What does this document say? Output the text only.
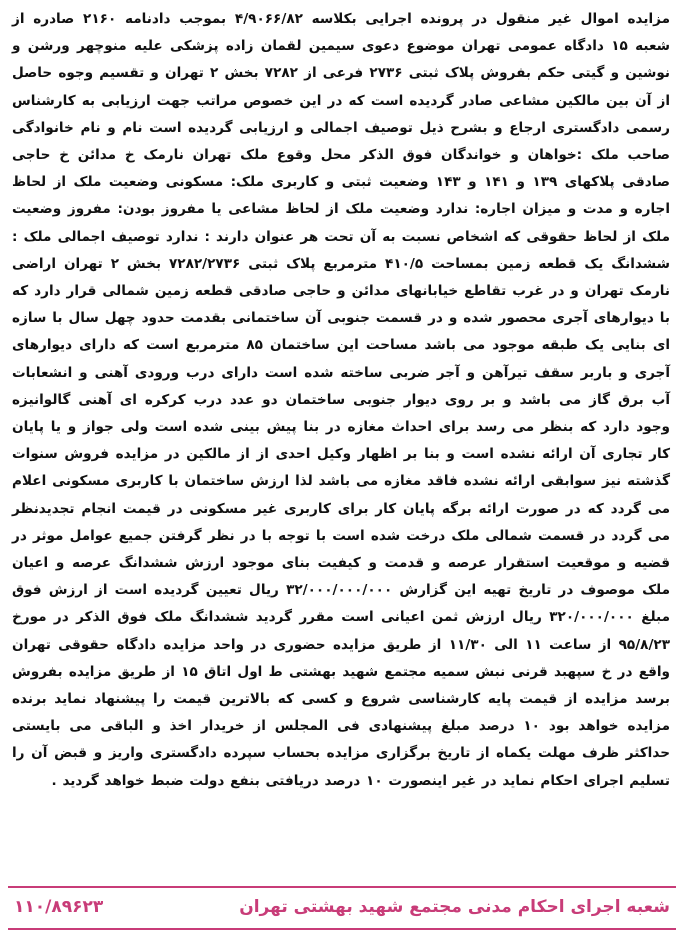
مزایده اموال غیر منقول در پرونده اجرایی بکلاسه ۴/۹۰۶۶/۸۲ بموجب دادنامه ۲۱۶۰ صادره از شعبه ۱۵ دادگاه عمومی تهران موضوع دعوی سیمین لقمان زاده پزشکی علیه منوچهر ورشن و نوشین و گیتی حکم بفروش پلاک ثبتی ۲۷۳۶ فرعی از ۷۲۸۲ بخش ۲ تهران و تقسیم وجوه حاصل از آن بین مالکین مشاعی صادر گردیده است که در این خصوص مراتب جهت ارزیابی به کارشناس رسمی دادگستری ارجاع و بشرح ذیل توصیف اجمالی و ارزیابی گردیده است نام و نام خانوادگی صاحب ملک :خواهان و خواندگان فوق الذکر محل وقوع ملک تهران نارمک خ مدائن خ حاجی صادقی پلاکهای ۱۳۹ و ۱۴۱ و ۱۴۳ وضعیت ثبتی و کاربری ملک: مسکونی وضعیت ملک از لحاظ اجاره و مدت و میزان اجاره: ندارد وضعیت ملک از لحاظ مشاعی یا مفروز بودن: مفروز وضعیت ملک از لحاظ حقوقی که اشخاص نسبت به آن تحت هر عنوان دارند : ندارد توصیف اجمالی ملک : ششدانگ یک قطعه زمین بمساحت ۴۱۰/۵ مترمربع پلاک ثبتی ۷۲۸۲/۲۷۳۶ بخش ۲ تهران اراضی نارمک تهران و در غرب تقاطع خیابانهای مدائن و حاجی صادقی قطعه زمین شمالی قرار دارد که با دیوارهای آجری محصور شده و در قسمت جنوبی آن ساختمانی بقدمت حدود چهل سال با سازه ای بنایی یک طبقه موجود می باشد مساحت این ساختمان ۸۵ مترمربع است که دارای دیوارهای آجری و باربر سقف تیرآهن و آجر ضربی ساخته شده است دارای درب ورودی آهنی و انشعابات آب برق گاز می باشد و بر روی دیوار جنوبی ساختمان دو عدد درب کرکره ای آهنی گالوانیزه وجود دارد که بنظر می رسد برای احداث مغازه در بنا پیش بینی شده است ولی جواز و یا پایان کار تجاری آن ارائه نشده است و بنا بر اظهار وکیل احدی از از مالکین در مزایده فروش سنوات گذشته نیز سوابقی ارائه نشده فاقد مغازه می باشد لذا ارزش ساختمان با کاربری مسکونی اعلام می گردد که در صورت ارائه برگه پایان کار برای کاربری غیر مسکونی در قیمت انجام تجدیدنظر می گردد در قسمت شمالی ملک درخت شده است با توجه با در نظر گرفتن جمیع عوامل موثر در قضیه و موقعیت استقرار عرصه و قدمت و کیفیت بنای موجود ارزش ششدانگ عرصه و اعیان ملک موصوف در تاریخ تهیه این گزارش ۳۲/۰۰۰/۰۰۰/۰۰۰ ریال تعیین گردیده است از ارزش فوق مبلغ ۳۲۰/۰۰۰/۰۰۰ ریال ارزش ثمن اعیانی است مقرر گردید ششدانگ ملک فوق الذکر در مورخ ۹۵/۸/۲۳ از ساعت ۱۱ الی ۱۱/۳۰ از طریق مزایده حضوری در واحد مزایده دادگاه حقوقی تهران واقع در خ سپهبد قرنی نبش سمیه مجتمع شهید بهشتی ط اول اتاق ۱۵ از طریق مزایده بفروش برسد مزایده از قیمت پایه کارشناسی شروع و کسی که بالاترین قیمت را پیشنهاد نماید برنده مزایده خواهد بود ۱۰ درصد مبلغ پیشنهادی فی المجلس از خریدار اخذ و الباقی می بایستی حداکثر ظرف مهلت یکماه از تاریخ برگزاری مزایده بحساب سپرده دادگستری واریز و قبض آن را تسلیم اجرای احکام نماید در غیر اینصورت ۱۰ درصد دریافتی بنفع دولت ضبط خواهد گردید .

شعبه اجرای احکام مدنی مجتمع شهید بهشتی تهران
۱۱۰/۸۹۶۲۳
